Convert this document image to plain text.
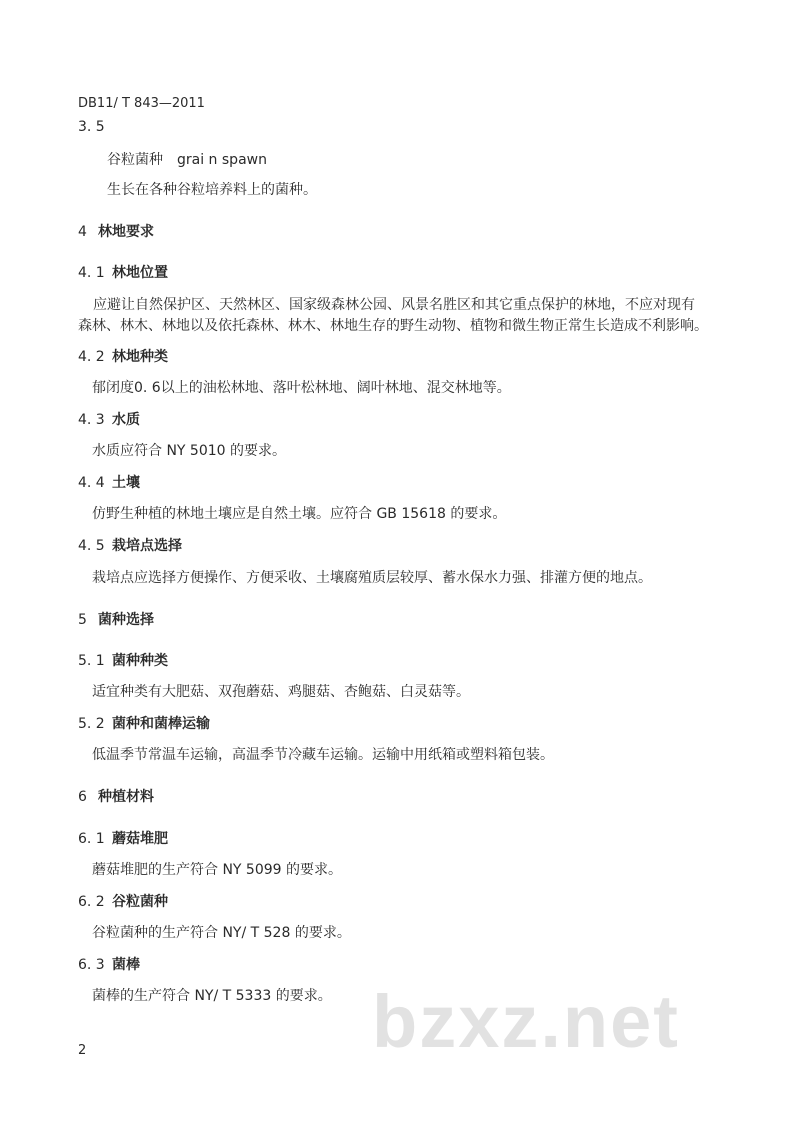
DB11/ T 843—2011
3. 5
谷粒菌种　grai n spawn
生长在各种谷粒培养料上的菌种。
4 林地要求
4. 1 林地位置
应避让自然保护区、天然林区、国家级森林公园、风景名胜区和其它重点保护的林地，不应对现有
森林、林木、林地以及依托森林、林木、林地生存的野生动物、植物和微生物正常生长造成不利影响。
4. 2 林地种类
郁闭度0. 6以上的油松林地、落叶松林地、阔叶林地、混交林地等。
4. 3 水质
水质应符合 NY 5010 的要求。
4. 4 土壤
仿野生种植的林地土壤应是自然土壤。应符合 GB 15618 的要求。
4. 5 栽培点选择
栽培点应选择方便操作、方便采收、土壤腐殖质层较厚、蓄水保水力强、排灌方便的地点。
5 菌种选择
5. 1 菌种种类
适宜种类有大肥菇、双孢蘑菇、鸡腿菇、杏鲍菇、白灵菇等。
5. 2 菌种和菌棒运输
低温季节常温车运输，高温季节冷藏车运输。运输中用纸箱或塑料箱包装。
6 种植材料
6. 1 蘑菇堆肥
蘑菇堆肥的生产符合 NY 5099 的要求。
6. 2 谷粒菌种
谷粒菌种的生产符合 NY/ T 528 的要求。
6. 3 菌棒
菌棒的生产符合 NY/ T 5333 的要求。 bzxz.net
2
